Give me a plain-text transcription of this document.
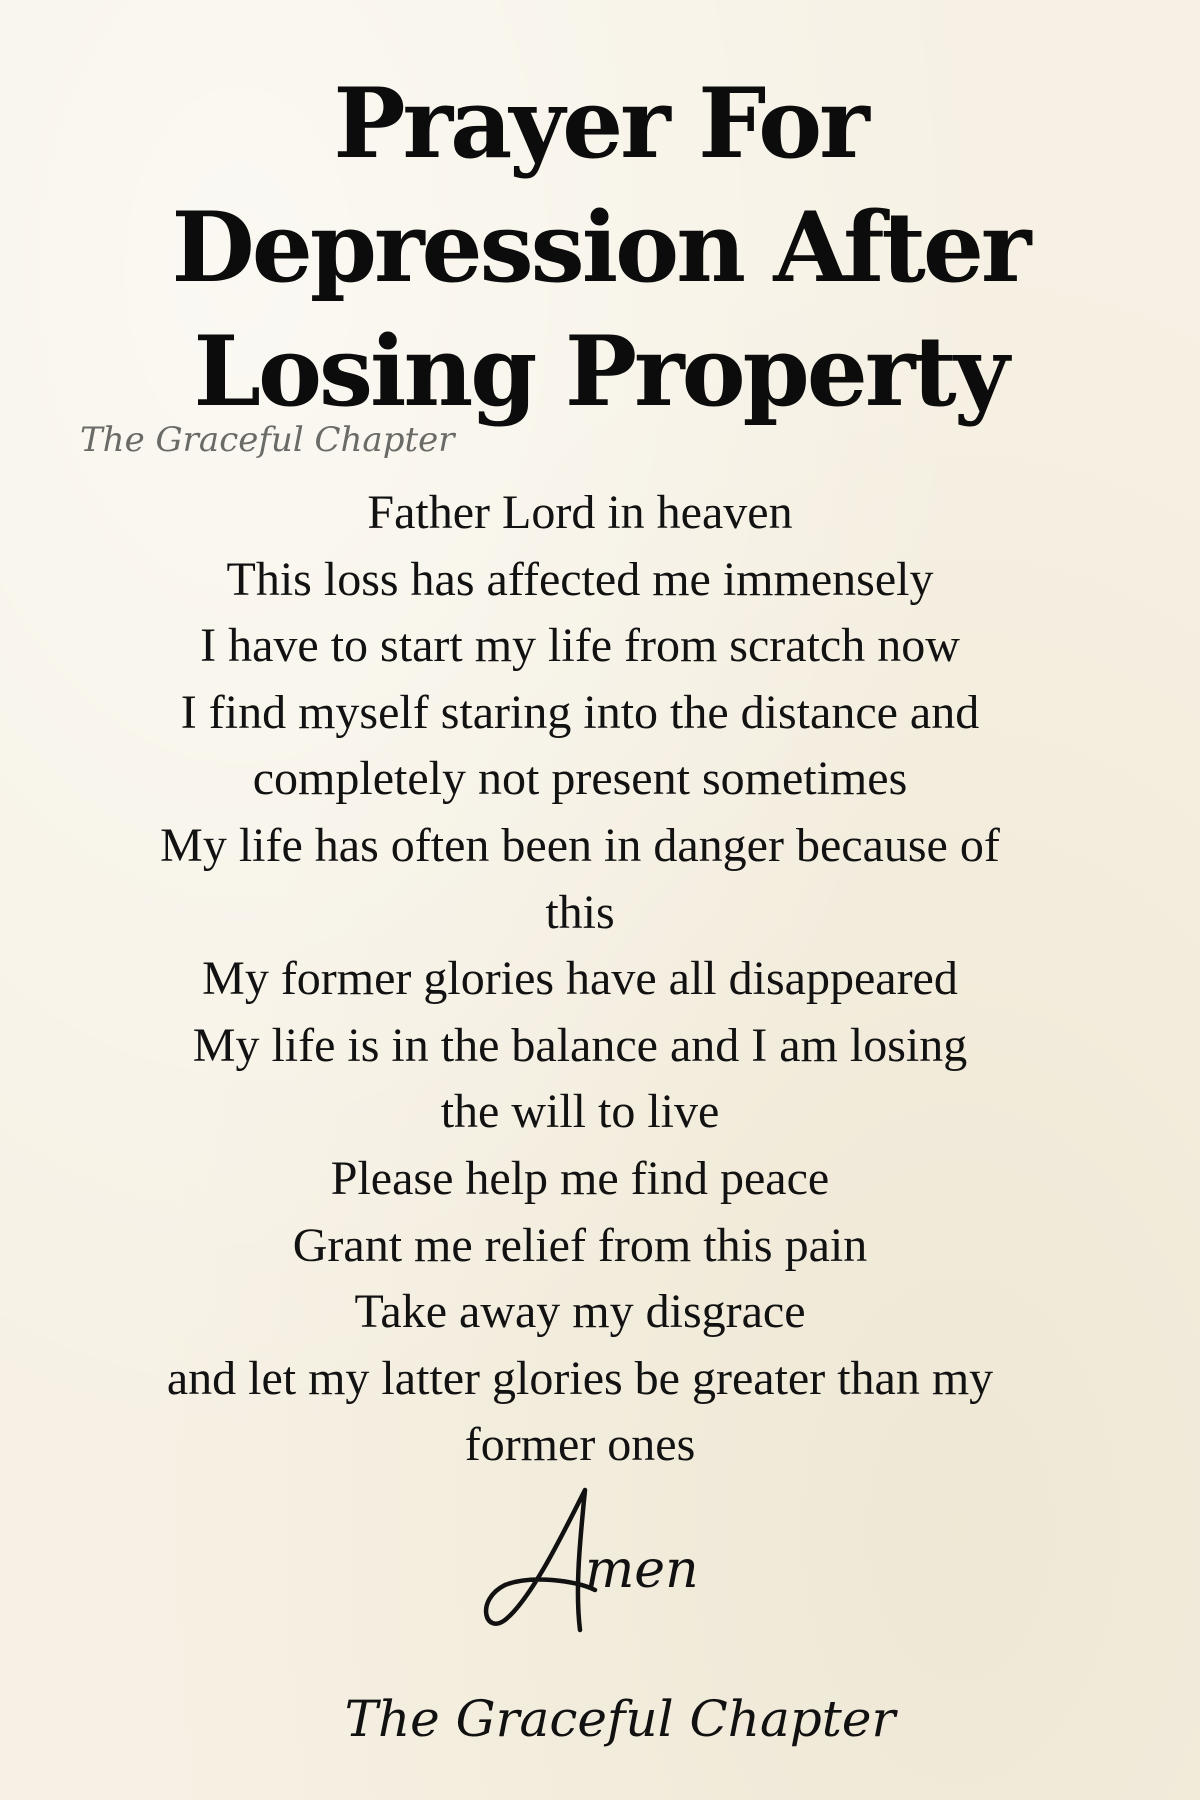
Prayer For
Depression After
Losing Property
The Graceful Chapter
Father Lord in heaven
This loss has affected me immensely
I have to start my life from scratch now
I find myself staring into the distance and
completely not present sometimes
My life has often been in danger because of
this
My former glories have all disappeared
My life is in the balance and I am losing
the will to live
Please help me find peace
Grant me relief from this pain
Take away my disgrace
and let my latter glories be greater than my
former ones
men
The Graceful Chapter
